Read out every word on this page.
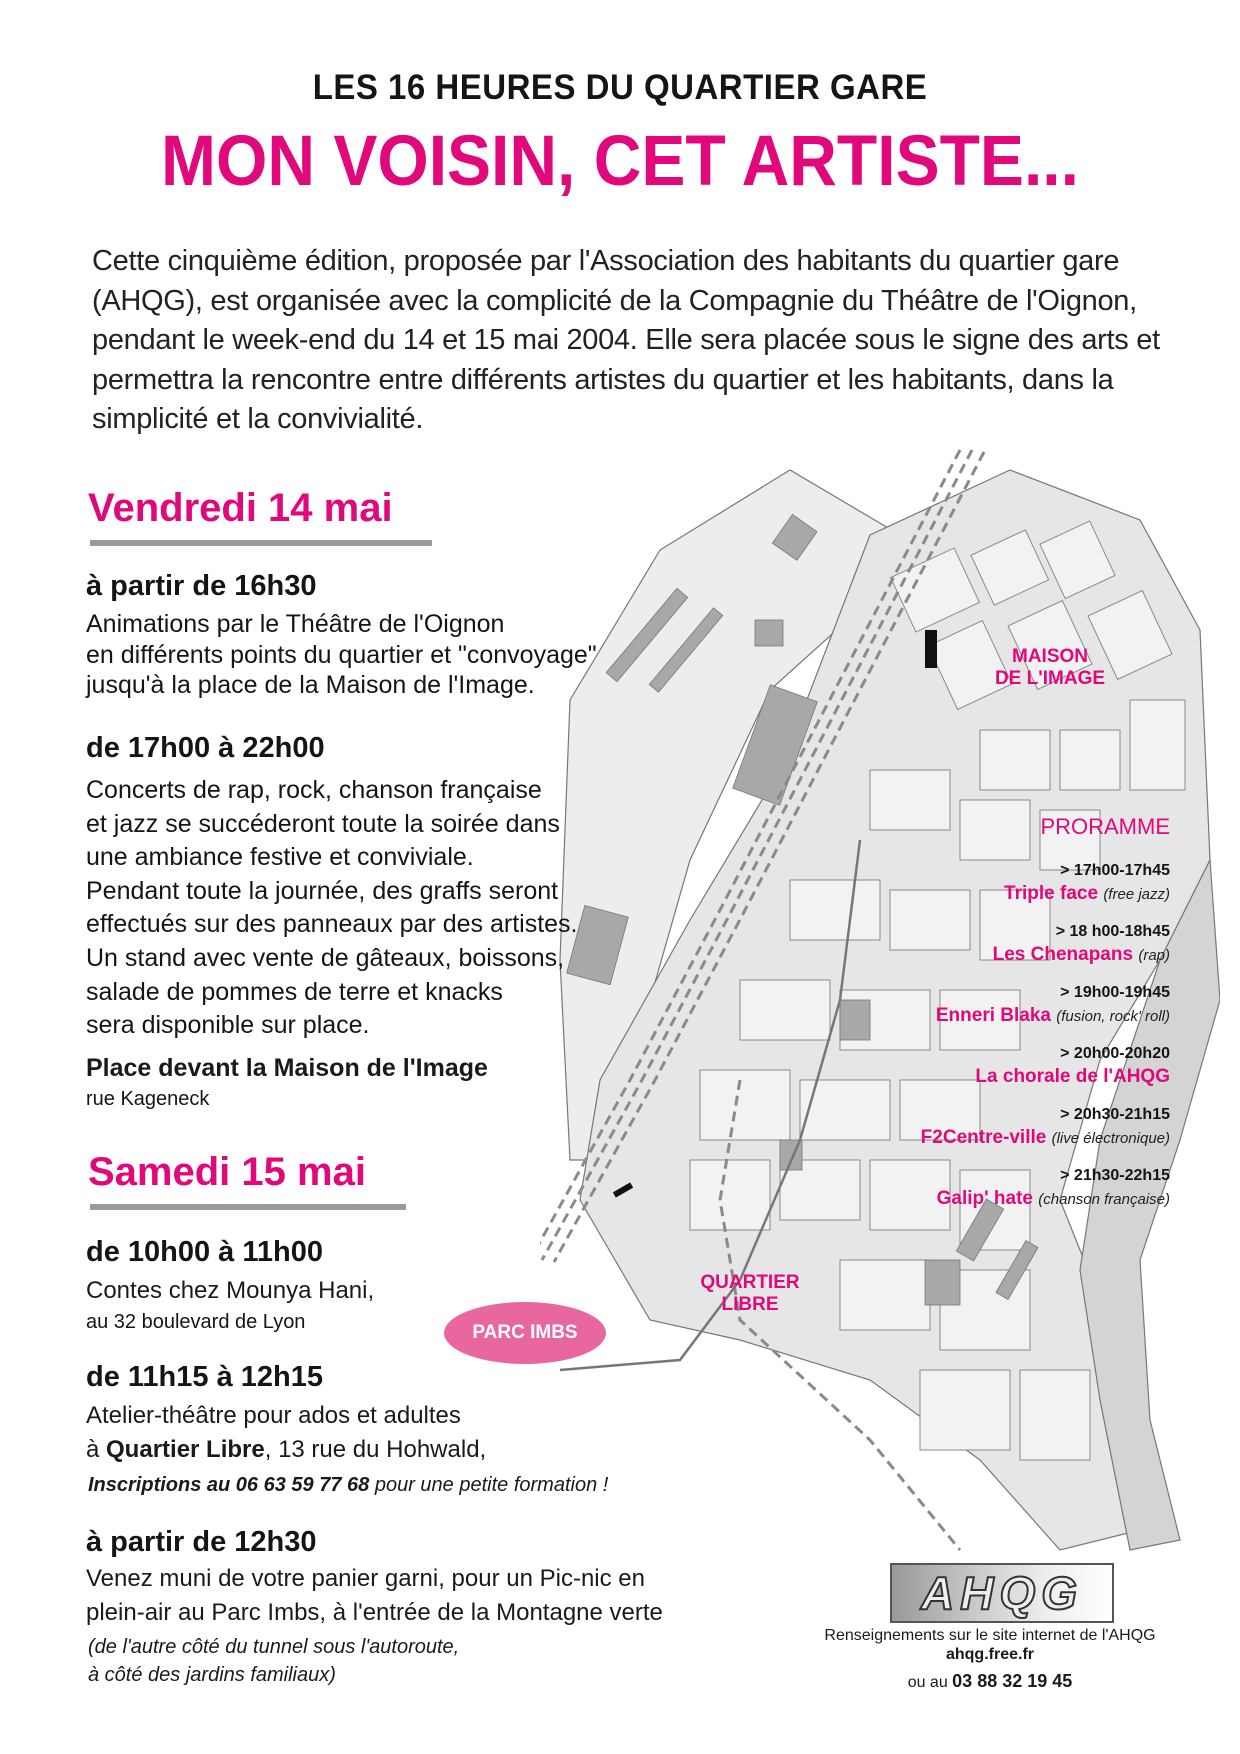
LES 16 HEURES DU QUARTIER GARE
MON VOISIN, CET ARTISTE...
Cette cinquième édition, proposée par l'Association des habitants du quartier gare (AHQG), est organisée avec la complicité de la Compagnie du Théâtre de l'Oignon, pendant le week-end du 14 et 15 mai 2004. Elle sera placée sous le signe des arts et permettra la rencontre entre différents artistes du quartier et les habitants, dans la simplicité et la convivialité.
MAISON
DE L'IMAGE
QUARTIER
LIBRE
PARC IMBS
PRORAMME
> 17h00-17h45
Triple face (free jazz)
> 18 h00-18h45
Les Chenapans (rap)
> 19h00-19h45
Enneri Blaka (fusion, rock' roll)
> 20h00-20h20
La chorale de l'AHQG
> 20h30-21h15
F2Centre-ville (live électronique)
> 21h30-22h15
Galip' hate (chanson française)
Vendredi 14 mai
à partir de 16h30
Animations par le Théâtre de l'Oignon
en différents points du quartier et "convoyage"
jusqu'à la place de la Maison de l'Image.
de 17h00 à 22h00
Concerts de rap, rock, chanson française
et jazz se succéderont toute la soirée dans
une ambiance festive et conviviale.
Pendant toute la journée, des graffs seront
effectués sur des panneaux par des artistes.
Un stand avec vente de gâteaux, boissons,
salade de pommes de terre et knacks
sera disponible sur place.
Place devant la Maison de l'Image
rue Kageneck
Samedi 15 mai
de 10h00 à 11h00
Contes chez Mounya Hani,
au 32 boulevard de Lyon
de 11h15 à 12h15
Atelier-théâtre pour ados et adultes
à Quartier Libre, 13 rue du Hohwald,
Inscriptions au 06 63 59 77 68 pour une petite formation !
à partir de 12h30
Venez muni de votre panier garni, pour un Pic-nic en
plein-air au Parc Imbs, à l'entrée de la Montagne verte
(de l'autre côté du tunnel sous l'autoroute,
à côté des jardins familiaux)
AHQG
Renseignements sur le site internet de l'AHQG
ahqg.free.fr
ou au 03 88 32 19 45
